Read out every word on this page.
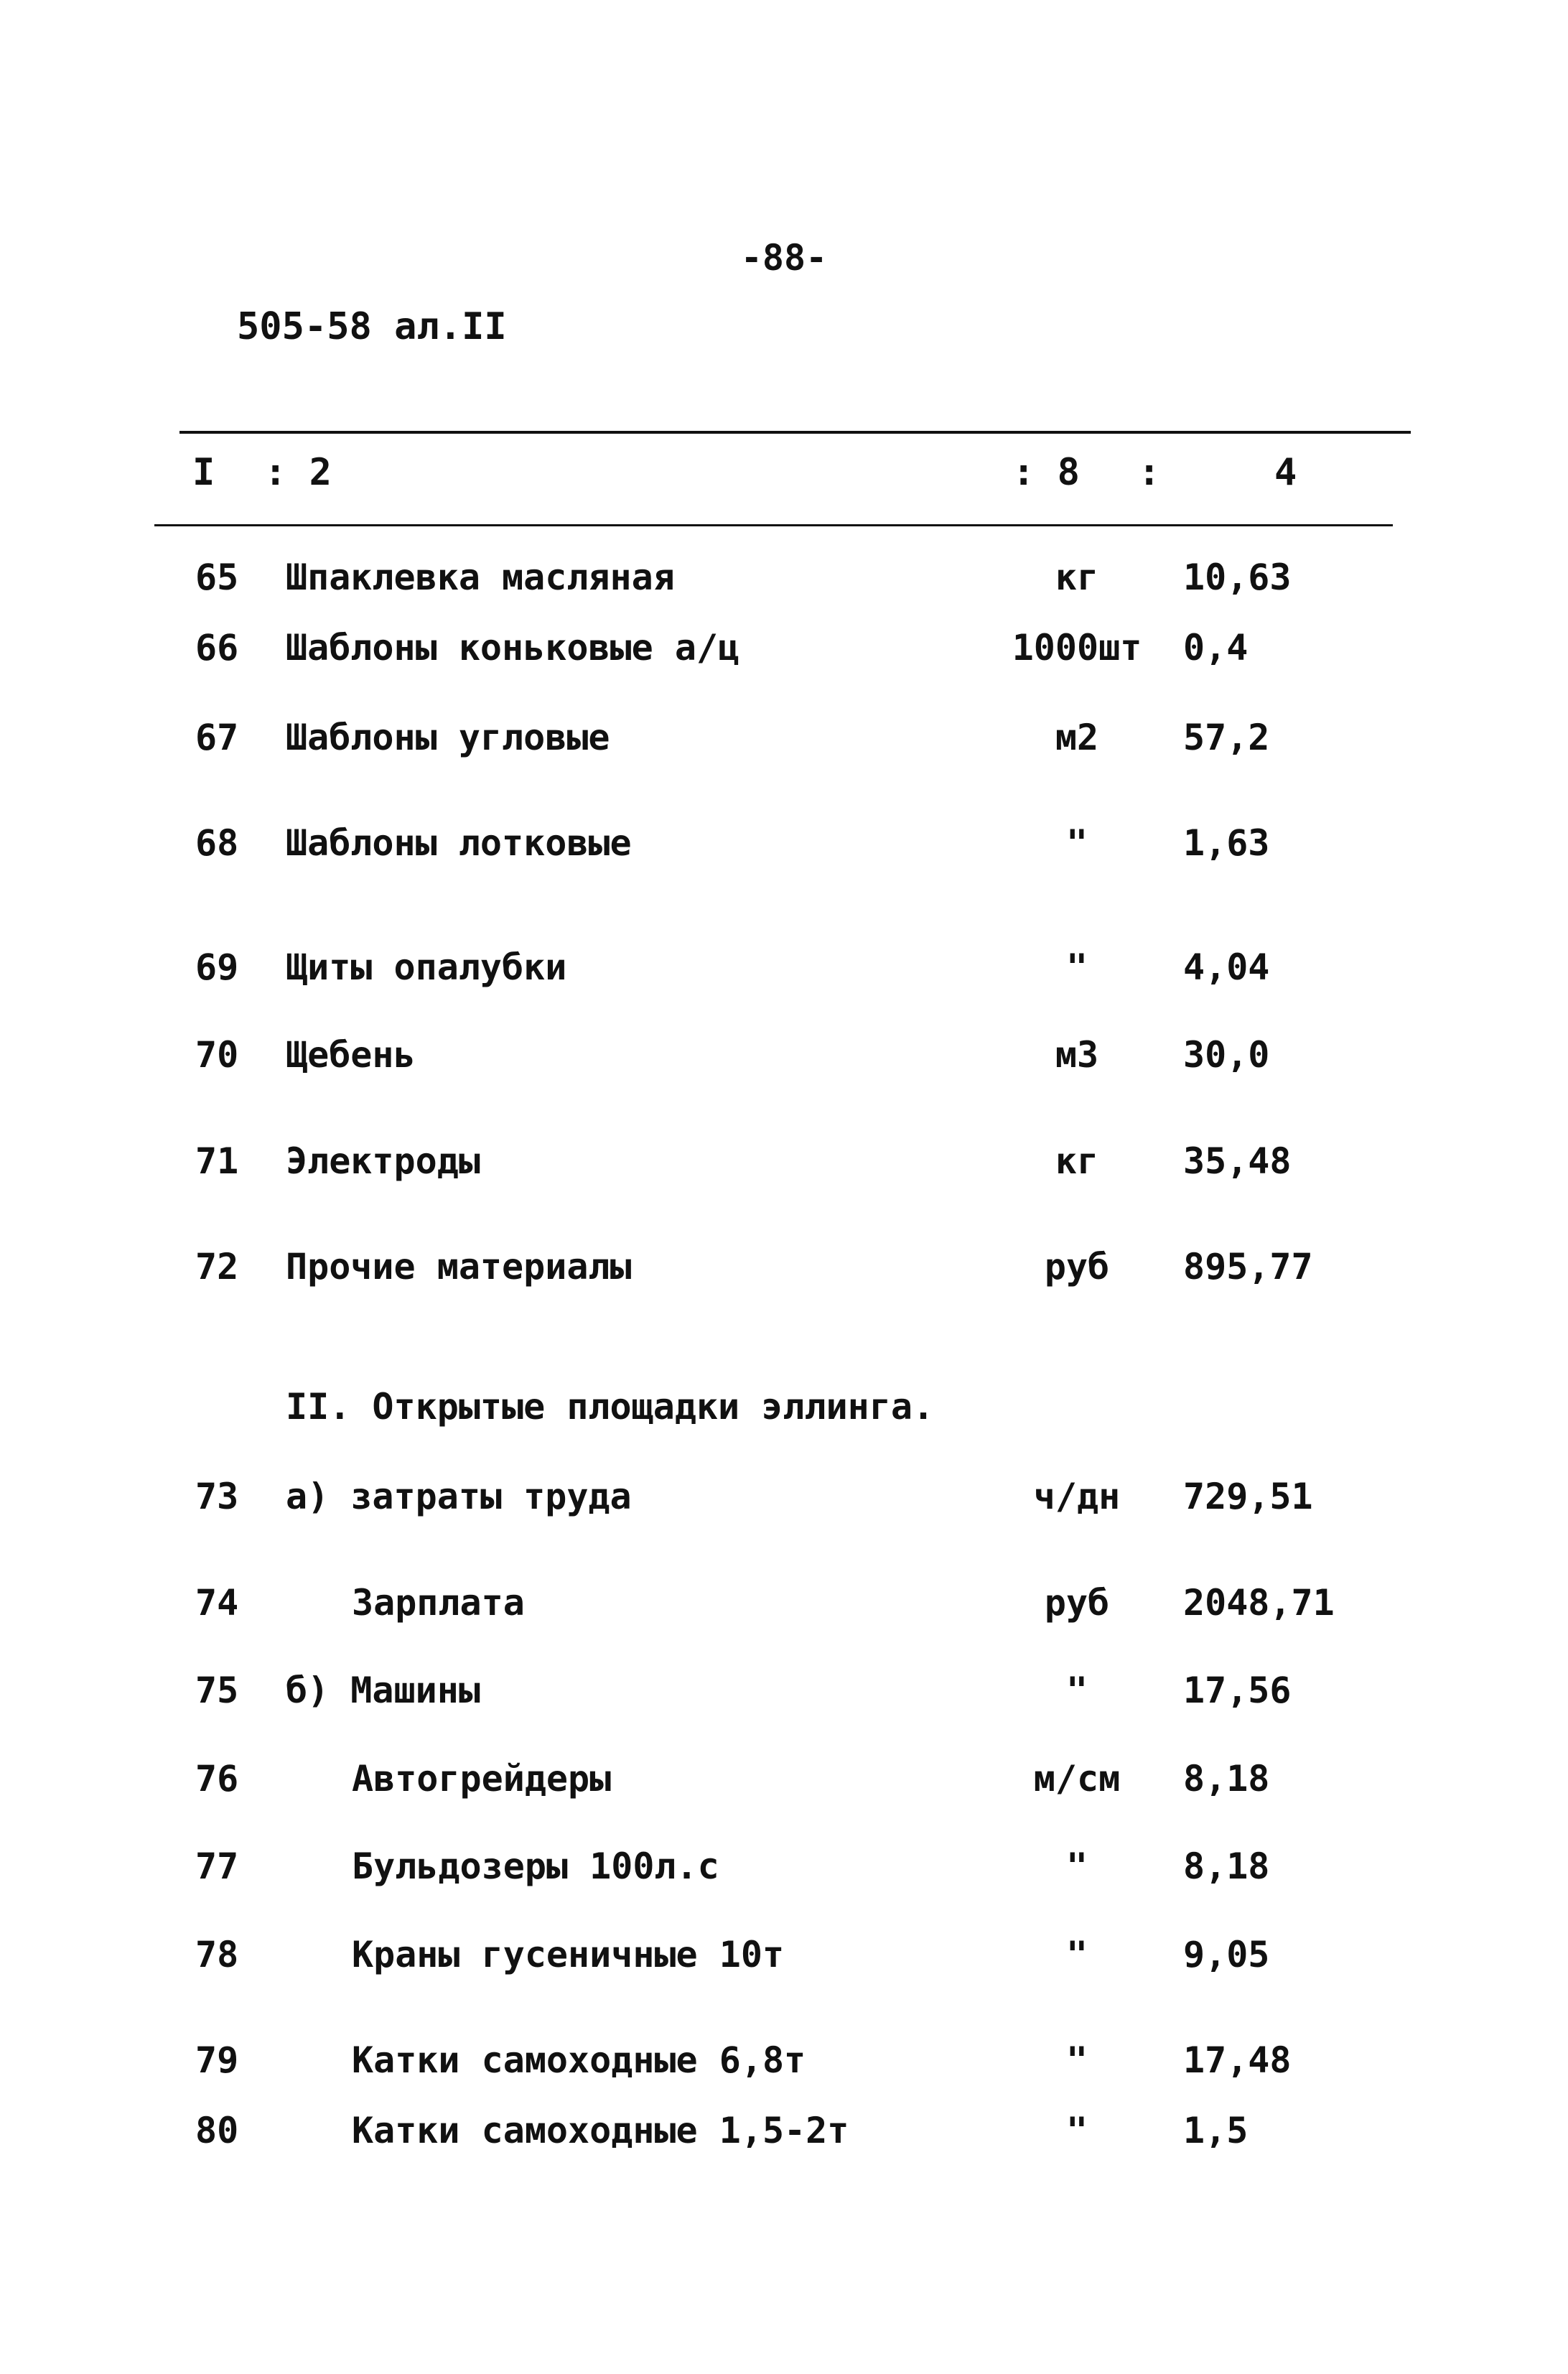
-88-
505-58 ал.II
I : 2	: 8 :	4
65 Шпаклевка масляная	кг	10,63
66 Шаблоны коньковые а/ц	1000шт	0,4
67 Шаблоны угловые	м2	57,2
68 Шаблоны лотковые	"	1,63
69 Щиты опалубки	"	4,04
70 Щебень	м3	30,0
71 Электроды	кг	35,48
72 Прочие материалы	руб	895,77
II. Открытые площадки эллинга.
73 а) затраты труда	ч/дн	729,51
74	Зарплата	руб	2048,71
75 б) Машины	"	17,56
76	Автогрейдеры	м/см	8,18
77	Бульдозеры 100л.с	"	8,18
78	Краны гусеничные 10т	"	9,05
79	Катки самоходные 6,8т	"	17,48
80	Катки самоходные 1,5-2т	"	1,5
